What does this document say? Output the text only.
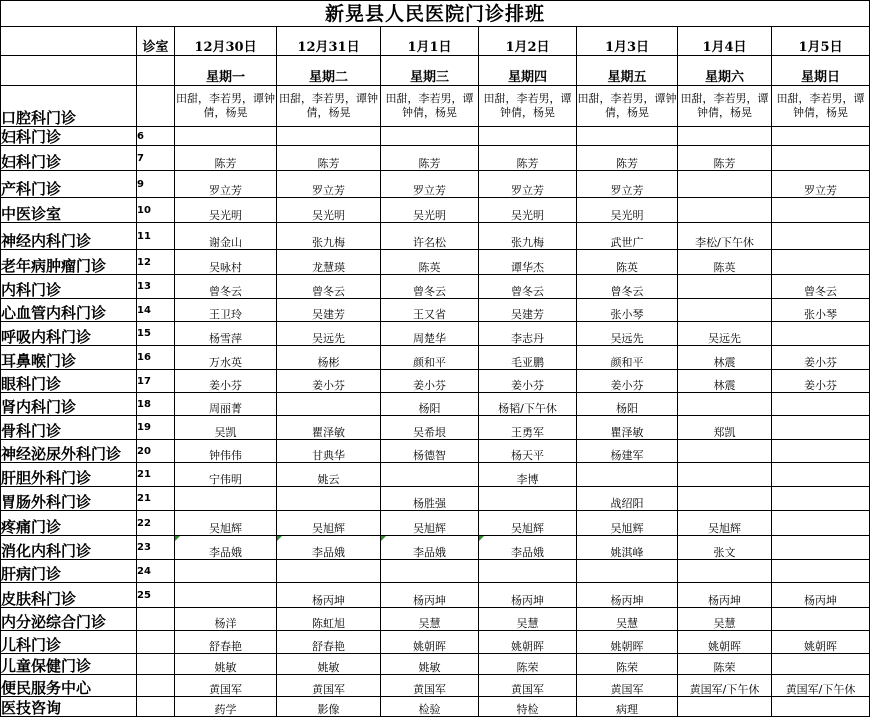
新晃县人民医院门诊排班								
	诊室	12月30日	12月31日	1月1日	1月2日	1月3日	1月4日	1月5日
		星期一	星期二	星期三	星期四	星期五	星期六	星期日
口腔科门诊		田甜，李若男，谭钟倩，杨晃	田甜，李若男，谭钟倩，杨晃	田甜，李若男，谭钟倩，杨晃	田甜，李若男，谭钟倩，杨晃	田甜，李若男，谭钟倩，杨晃	田甜，李若男，谭钟倩，杨晃	田甜，李若男，谭钟倩，杨晃
妇科门诊	6							
妇科门诊	7	陈芳	陈芳	陈芳	陈芳	陈芳	陈芳	
产科门诊	9	罗立芳	罗立芳	罗立芳	罗立芳	罗立芳		罗立芳
中医诊室	10	吴光明	吴光明	吴光明	吴光明	吴光明		
神经内科门诊	11	谢金山	张九梅	许名松	张九梅	武世广	李松/下午休	
老年病肿瘤门诊	12	吴咏村	龙慧瑛	陈英	谭华杰	陈英	陈英	
内科门诊	13	曾冬云	曾冬云	曾冬云	曾冬云	曾冬云		曾冬云
心血管内科门诊	14	王卫玲	吴建芳	王又省	吴建芳	张小琴		张小琴
呼吸内科门诊	15	杨雪萍	吴远先	周楚华	李志丹	吴远先	吴远先	
耳鼻喉门诊	16	万水英	杨彬	颜和平	毛亚鹏	颜和平	林震	姜小芬
眼科门诊	17	姜小芬	姜小芬	姜小芬	姜小芬	姜小芬	林震	姜小芬
肾内科门诊	18	周丽菁		杨阳	杨韬/下午休	杨阳		
骨科门诊	19	吴凯	瞿泽敏	吴希垠	王勇军	瞿泽敏	郑凯	
神经泌尿外科门诊	20	钟伟伟	甘典华	杨德智	杨天平	杨建军		
肝胆外科门诊	21	宁伟明	姚云		李博			
胃肠外科门诊	21			杨胜强		战绍阳		
疼痛门诊	22	吴旭辉	吴旭辉	吴旭辉	吴旭辉	吴旭辉	吴旭辉	
消化内科门诊	23	李品娥	李品娥	李品娥	李品娥	姚淇峰	张文	
肝病门诊	24							
皮肤科门诊	25		杨丙坤	杨丙坤	杨丙坤	杨丙坤	杨丙坤	杨丙坤
内分泌综合门诊		杨洋	陈虹旭	吴慧	吴慧	吴慧	吴慧	
儿科门诊		舒春艳	舒春艳	姚朝晖	姚朝晖	姚朝晖	姚朝晖	姚朝晖
儿童保健门诊		姚敏	姚敏	姚敏	陈荣	陈荣	陈荣	
便民服务中心		黄国军	黄国军	黄国军	黄国军	黄国军	黄国军/下午休	黄国军/下午休
医技咨询		药学	影像	检验	特检	病理		
